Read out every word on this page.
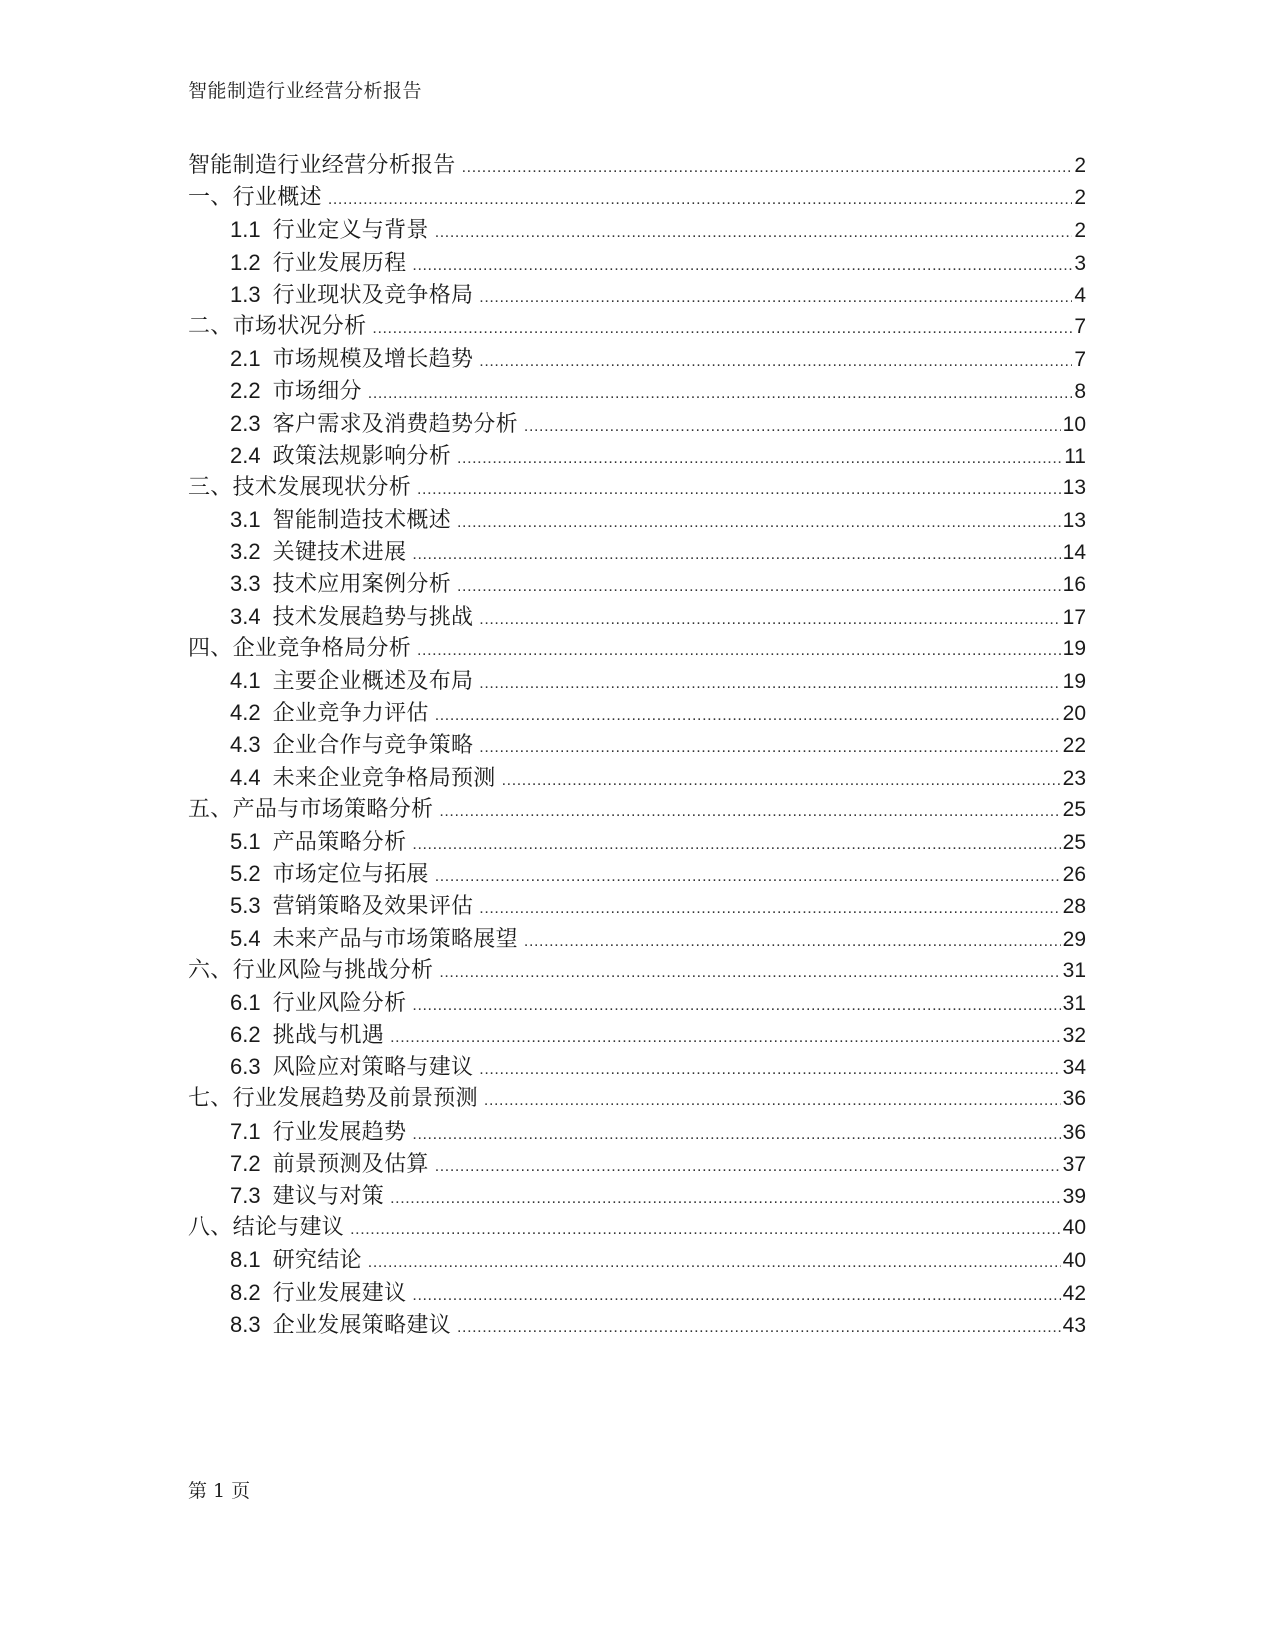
智能制造行业经营分析报告
智能制造行业经营分析报告 .....	2
一、行业概述 .....	2
1.1 行业定义与背景 .....	2
1.2 行业发展历程 .....	3
1.3 行业现状及竞争格局 .....	4
二、市场状况分析 .....	7
2.1 市场规模及增长趋势 .....	7
2.2 市场细分 .....	8
2.3 客户需求及消费趋势分析 .....	10
2.4 政策法规影响分析 .....	11
三、技术发展现状分析 .....	13
3.1 智能制造技术概述 .....	13
3.2 关键技术进展 .....	14
3.3 技术应用案例分析 .....	16
3.4 技术发展趋势与挑战 .....	17
四、企业竞争格局分析 .....	19
4.1 主要企业概述及布局 .....	19
4.2 企业竞争力评估 .....	20
4.3 企业合作与竞争策略 .....	22
4.4 未来企业竞争格局预测 .....	23
五、产品与市场策略分析 .....	25
5.1 产品策略分析 .....	25
5.2 市场定位与拓展 .....	26
5.3 营销策略及效果评估 .....	28
5.4 未来产品与市场策略展望 .....	29
六、行业风险与挑战分析 .....	31
6.1 行业风险分析 .....	31
6.2 挑战与机遇 .....	32
6.3 风险应对策略与建议 .....	34
七、行业发展趋势及前景预测 .....	36
7.1 行业发展趋势 .....	36
7.2 前景预测及估算 .....	37
7.3 建议与对策 .....	39
八、结论与建议 .....	40
8.1 研究结论 .....	40
8.2 行业发展建议 .....	42
8.3 企业发展策略建议 .....	43
第 1 页
